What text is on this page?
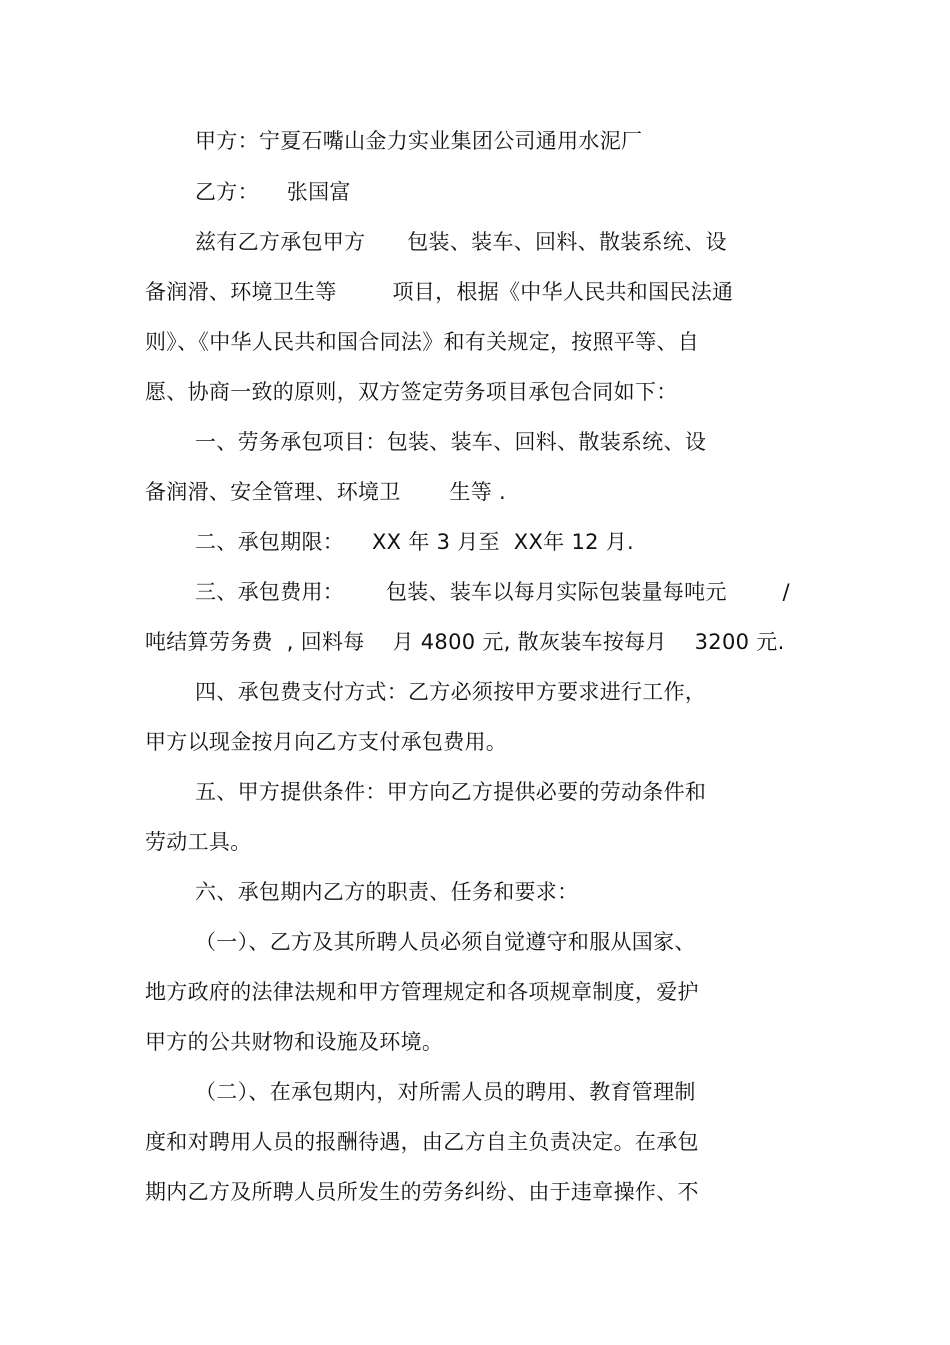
甲方：宁夏石嘴山金力实业集团公司通用水泥厂
乙方：    张国富
兹有乙方承包甲方      包装、装车、回料、散装系统、设
备润滑、环境卫生等        项目，根据《中华人民共和国民法通
则》、《中华人民共和国合同法》和有关规定，按照平等、自
愿、协商一致的原则，双方签定劳务项目承包合同如下：
一、劳务承包项目：包装、装车、回料、散装系统、设
备润滑、安全管理、环境卫       生等 .
二、承包期限：    XX 年 3 月至  XX年 12 月.
三、承包费用：      包装、装车以每月实际包装量每吨元        /
吨结算劳务费  , 回料每    月 4800 元, 散灰装车按每月    3200 元.
四、承包费支付方式：乙方必须按甲方要求进行工作，
甲方以现金按月向乙方支付承包费用。
五、甲方提供条件：甲方向乙方提供必要的劳动条件和
劳动工具。
六、承包期内乙方的职责、任务和要求：
（一）、乙方及其所聘人员必须自觉遵守和服从国家、
地方政府的法律法规和甲方管理规定和各项规章制度，爱护
甲方的公共财物和设施及环境。
（二）、在承包期内，对所需人员的聘用、教育管理制
度和对聘用人员的报酬待遇，由乙方自主负责决定。在承包
期内乙方及所聘人员所发生的劳务纠纷、由于违章操作、不
